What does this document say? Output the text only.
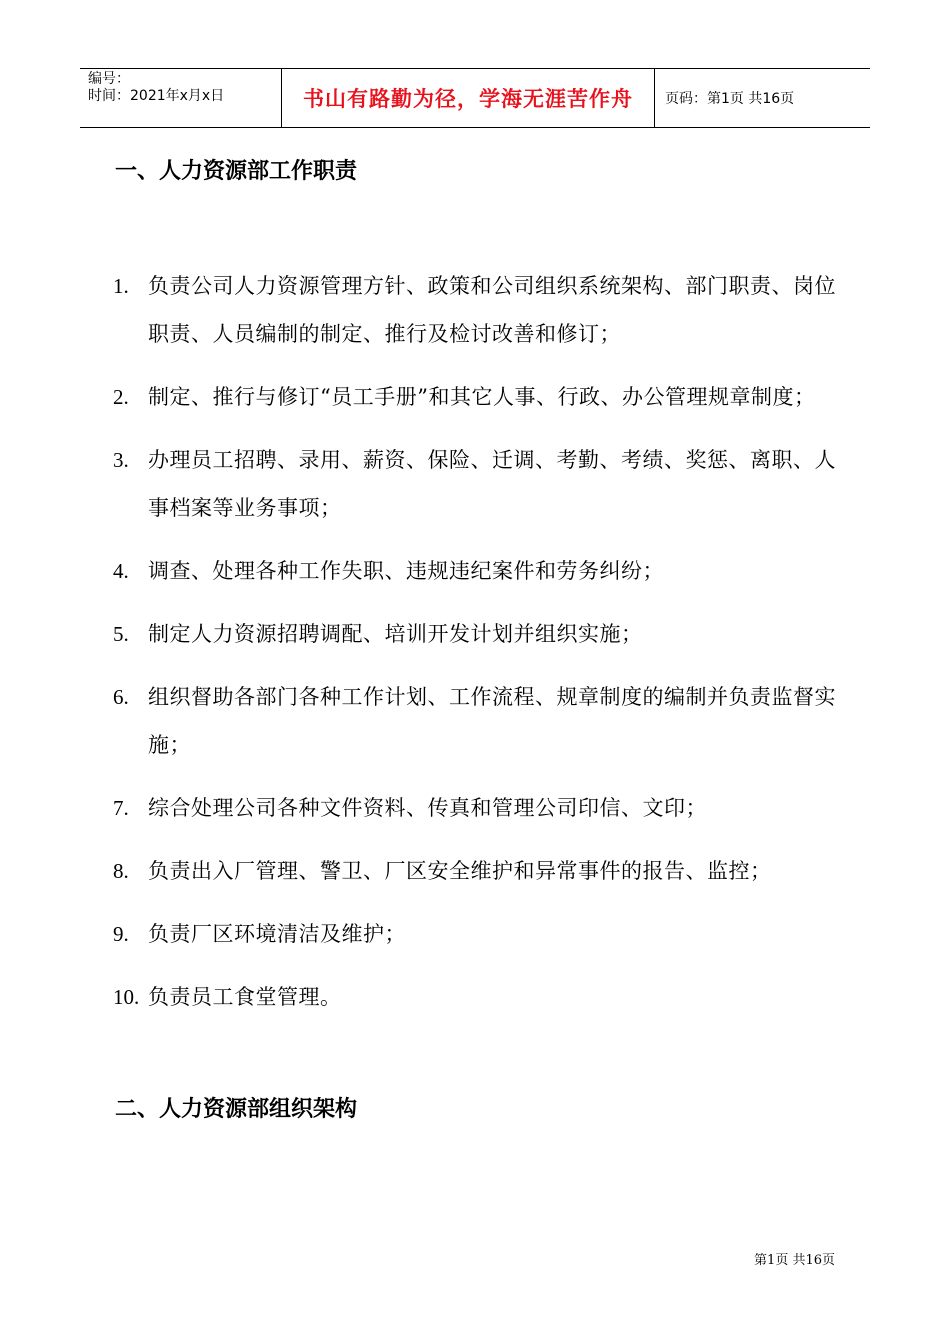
编号：
时间：2021年x月x日	书山有路勤为径，学海无涯苦作舟 页码：第1页 共16页
一、人力资源部工作职责
1. 负责公司人力资源管理方针、政策和公司组织系统架构、部门职责、岗位职责、人员编制的制定、推行及检讨改善和修订；
2. 制定、推行与修订“员工手册”和其它人事、行政、办公管理规章制度；
3. 办理员工招聘、录用、薪资、保险、迁调、考勤、考绩、奖惩、离职、人事档案等业务事项；
4. 调查、处理各种工作失职、违规违纪案件和劳务纠纷；
5. 制定人力资源招聘调配、培训开发计划并组织实施；
6. 组织督助各部门各种工作计划、工作流程、规章制度的编制并负责监督实施；
7. 综合处理公司各种文件资料、传真和管理公司印信、文印；
8. 负责出入厂管理、警卫、厂区安全维护和异常事件的报告、监控；
9. 负责厂区环境清洁及维护；
10. 负责员工食堂管理。
二、人力资源部组织架构
第1页 共16页
